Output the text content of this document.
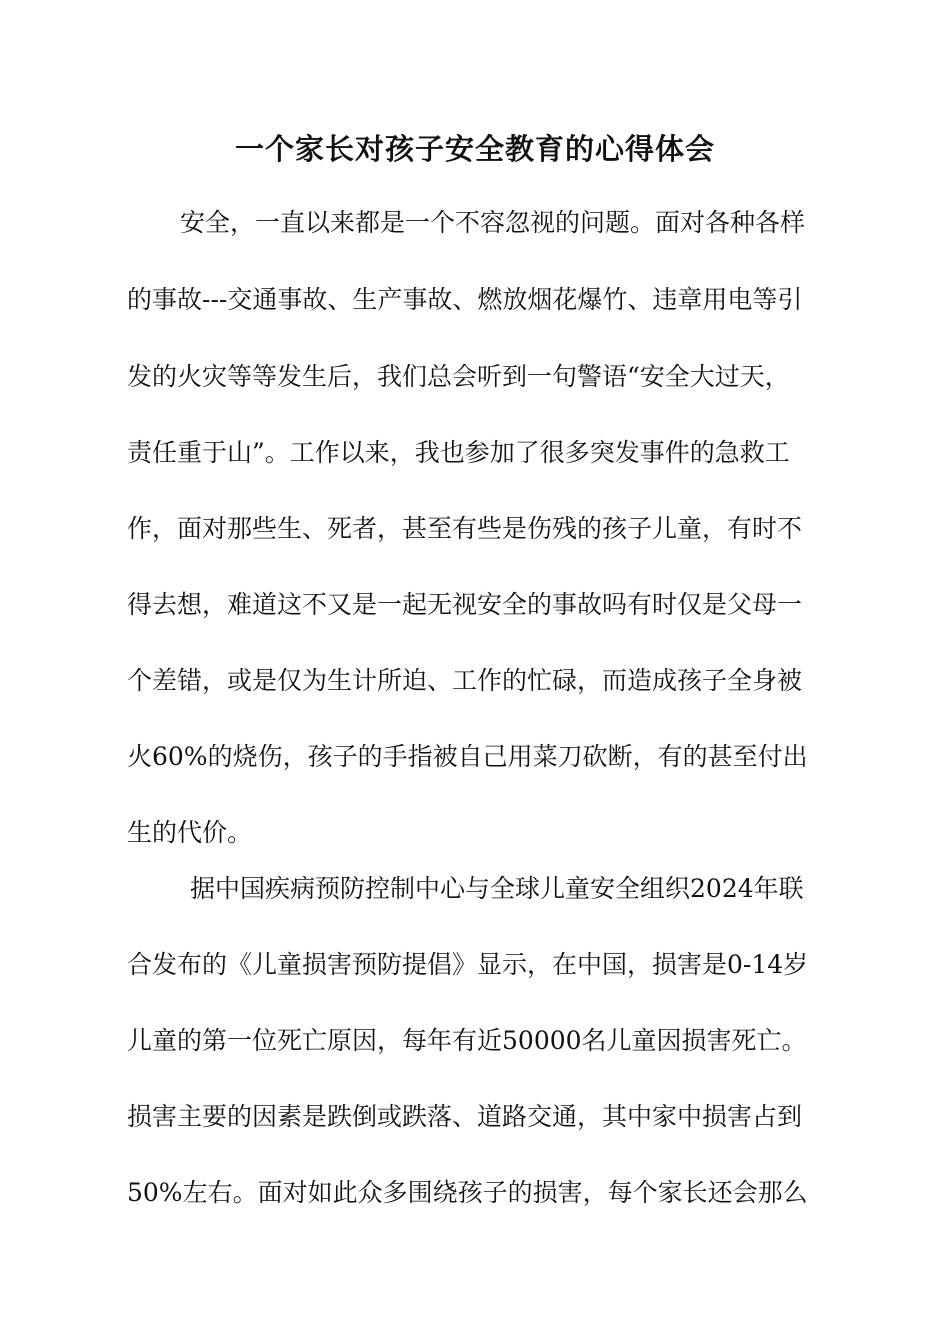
一个家长对孩子安全教育的心得体会
安全，一直以来都是一个不容忽视的问题。面对各种各样
的事故---交通事故、生产事故、燃放烟花爆竹、违章用电等引
发的火灾等等发生后，我们总会听到一句警语“安全大过天，
责任重于山”。工作以来，我也参加了很多突发事件的急救工
作，面对那些生、死者，甚至有些是伤残的孩子儿童，有时不
得去想，难道这不又是一起无视安全的事故吗有时仅是父母一
个差错，或是仅为生计所迫、工作的忙碌，而造成孩子全身被
火60%的烧伤，孩子的手指被自己用菜刀砍断，有的甚至付出
生的代价。
据中国疾病预防控制中心与全球儿童安全组织2024年联
合发布的《儿童损害预防提倡》显示，在中国，损害是0-14岁
儿童的第一位死亡原因，每年有近50000名儿童因损害死亡。
损害主要的因素是跌倒或跌落、道路交通，其中家中损害占到
50%左右。面对如此众多围绕孩子的损害，每个家长还会那么
